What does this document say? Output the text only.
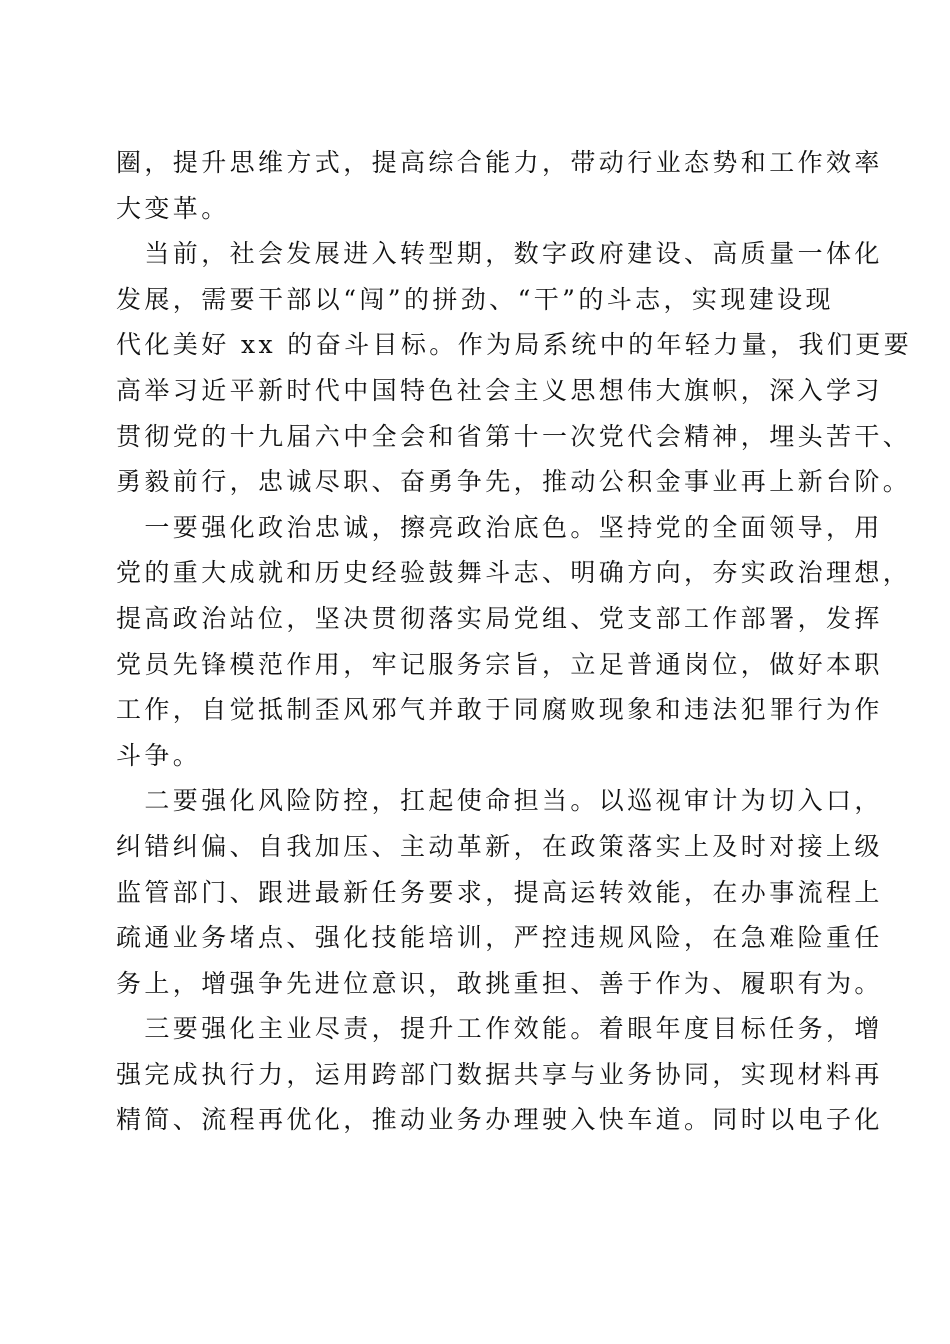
圈，提升思维方式，提高综合能力，带动行业态势和工作效率
大变革。
　当前，社会发展进入转型期，数字政府建设、高质量一体化
发展，需要干部以“闯”的拼劲、“干”的斗志，实现建设现
代化美好 xx 的奋斗目标。作为局系统中的年轻力量，我们更要
高举习近平新时代中国特色社会主义思想伟大旗帜，深入学习
贯彻党的十九届六中全会和省第十一次党代会精神，埋头苦干、
勇毅前行，忠诚尽职、奋勇争先，推动公积金事业再上新台阶。
　一要强化政治忠诚，擦亮政治底色。坚持党的全面领导，用
党的重大成就和历史经验鼓舞斗志、明确方向，夯实政治理想，
提高政治站位，坚决贯彻落实局党组、党支部工作部署，发挥
党员先锋模范作用，牢记服务宗旨，立足普通岗位，做好本职
工作，自觉抵制歪风邪气并敢于同腐败现象和违法犯罪行为作
斗争。
　二要强化风险防控，扛起使命担当。以巡视审计为切入口，
纠错纠偏、自我加压、主动革新，在政策落实上及时对接上级
监管部门、跟进最新任务要求，提高运转效能，在办事流程上
疏通业务堵点、强化技能培训，严控违规风险，在急难险重任
务上，增强争先进位意识，敢挑重担、善于作为、履职有为。
　三要强化主业尽责，提升工作效能。着眼年度目标任务，增
强完成执行力，运用跨部门数据共享与业务协同，实现材料再
精简、流程再优化，推动业务办理驶入快车道。同时以电子化
